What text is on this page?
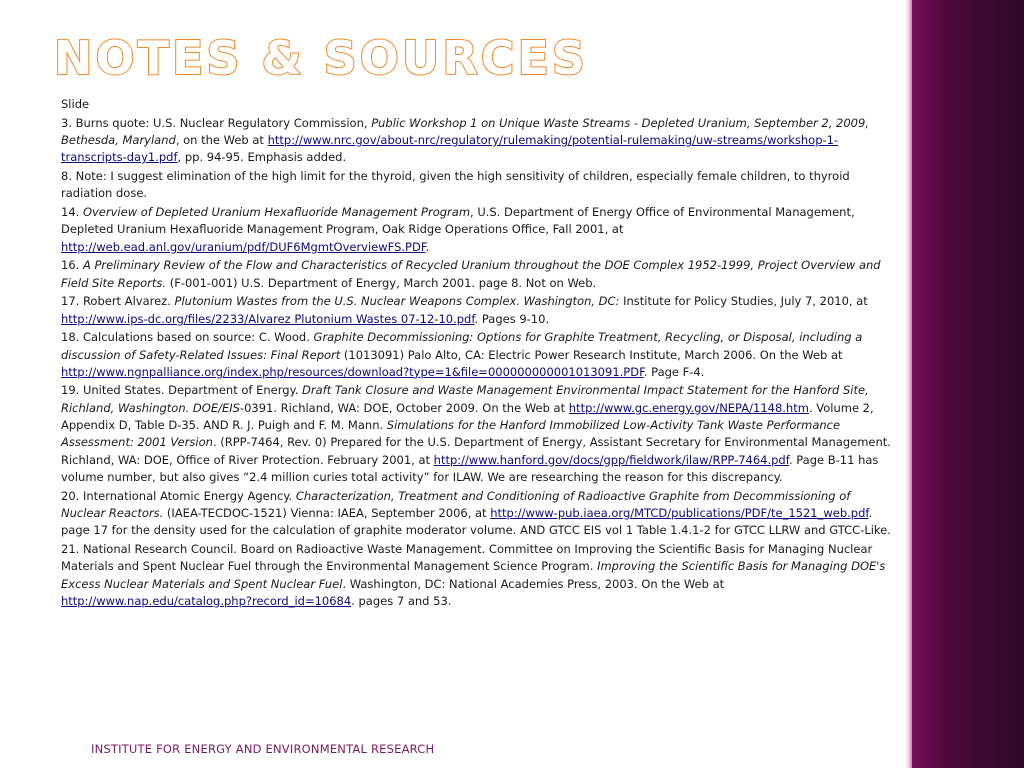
NOTES & SOURCES

Slide

3. Burns quote: U.S. Nuclear Regulatory Commission, Public Workshop 1 on Unique Waste Streams - Depleted Uranium, September 2, 2009, Bethesda, Maryland, on the Web at http://www.nrc.gov/about-nrc/regulatory/rulemaking/potential-rulemaking/uw-streams/workshop-1-transcripts-day1.pdf, pp. 94-95. Emphasis added.

8. Note: I suggest elimination of the high limit for the thyroid, given the high sensitivity of children, especially female children, to thyroid radiation dose.

14. Overview of Depleted Uranium Hexafluoride Management Program, U.S. Department of Energy Office of Environmental Management, Depleted Uranium Hexafluoride Management Program, Oak Ridge Operations Office, Fall 2001, at http://web.ead.anl.gov/uranium/pdf/DUF6MgmtOverviewFS.PDF.

16. A Preliminary Review of the Flow and Characteristics of Recycled Uranium throughout the DOE Complex 1952-1999, Project Overview and Field Site Reports. (F-001-001) U.S. Department of Energy, March 2001. page 8. Not on Web.

17. Robert Alvarez. Plutonium Wastes from the U.S. Nuclear Weapons Complex. Washington, DC: Institute for Policy Studies, July 7, 2010, at http://www.ips-dc.org/files/2233/Alvarez Plutonium Wastes 07-12-10.pdf. Pages 9-10.

18. Calculations based on source: C. Wood. Graphite Decommissioning: Options for Graphite Treatment, Recycling, or Disposal, including a discussion of Safety-Related Issues: Final Report (1013091) Palo Alto, CA: Electric Power Research Institute, March 2006. On the Web at http://www.ngnpalliance.org/index.php/resources/download?type=1&file=000000000001013091.PDF. Page F-4.

19. United States. Department of Energy. Draft Tank Closure and Waste Management Environmental Impact Statement for the Hanford Site, Richland, Washington. DOE/EIS-0391. Richland, WA: DOE, October 2009. On the Web at http://www.gc.energy.gov/NEPA/1148.htm. Volume 2, Appendix D, Table D-35. AND R. J. Puigh and F. M. Mann. Simulations for the Hanford Immobilized Low-Activity Tank Waste Performance Assessment: 2001 Version. (RPP-7464, Rev. 0) Prepared for the U.S. Department of Energy, Assistant Secretary for Environmental Management. Richland, WA: DOE, Office of River Protection. February 2001, at http://www.hanford.gov/docs/gpp/fieldwork/ilaw/RPP-7464.pdf. Page B-11 has volume number, but also gives “2.4 million curies total activity” for ILAW. We are researching the reason for this discrepancy.

20. International Atomic Energy Agency. Characterization, Treatment and Conditioning of Radioactive Graphite from Decommissioning of Nuclear Reactors. (IAEA-TECDOC-1521) Vienna: IAEA, September 2006, at http://www-pub.iaea.org/MTCD/publications/PDF/te_1521_web.pdf. page 17 for the density used for the calculation of graphite moderator volume. AND GTCC EIS vol 1 Table 1.4.1-2 for GTCC LLRW and GTCC-Like.

21. National Research Council. Board on Radioactive Waste Management. Committee on Improving the Scientific Basis for Managing Nuclear Materials and Spent Nuclear Fuel through the Environmental Management Science Program. Improving the Scientific Basis for Managing DOE's Excess Nuclear Materials and Spent Nuclear Fuel. Washington, DC: National Academies Press, 2003. On the Web at http://www.nap.edu/catalog.php?record_id=10684. pages 7 and 53.

INSTITUTE FOR ENERGY AND ENVIRONMENTAL RESEARCH
